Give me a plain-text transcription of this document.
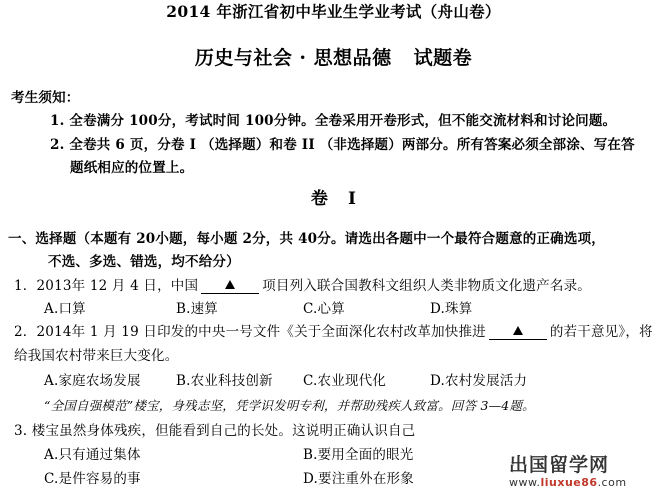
2014 年浙江省初中毕业生学业考试（舟山卷）
历史与社会 · 思想品德 试题卷
考生须知：
1. 全卷满分 100分，考试时间 100分钟。全卷采用开卷形式，但不能交流材料和讨论问题。
2. 全卷共 6 页，分卷 I （选择题）和卷 II （非选择题）两部分。所有答案必须全部涂、写在答
题纸相应的位置上。
卷 I
一、选择题（本题有 20小题，每小题 2分，共 40分。请选出各题中一个最符合题意的正确选项，
不选、多选、错选，均不给分）
1．2013年 12 月 4 日，中国	项目列入联合国教科文组织人类非物质文化遗产名录。
A.口算	B.速算	C.心算	D.珠算
2．2014年 1 月 19 日印发的中央一号文件《关于全面深化农村改革加快推进	的若干意见》，将
给我国农村带来巨大变化。
A.家庭农场发展	B.农业科技创新 C.农业现代化	D.农村发展活力
“全国自强模范”楼宝，身残志坚，凭学识发明专利，并帮助残疾人致富。回答 3—4题。
3. 楼宝虽然身体残疾，但能看到自己的长处。这说明正确认识自己
A.只有通过集体	B.要用全面的眼光
C.是件容易的事	D.要注重外在形象
出国留学网
www.liuxue86.com
